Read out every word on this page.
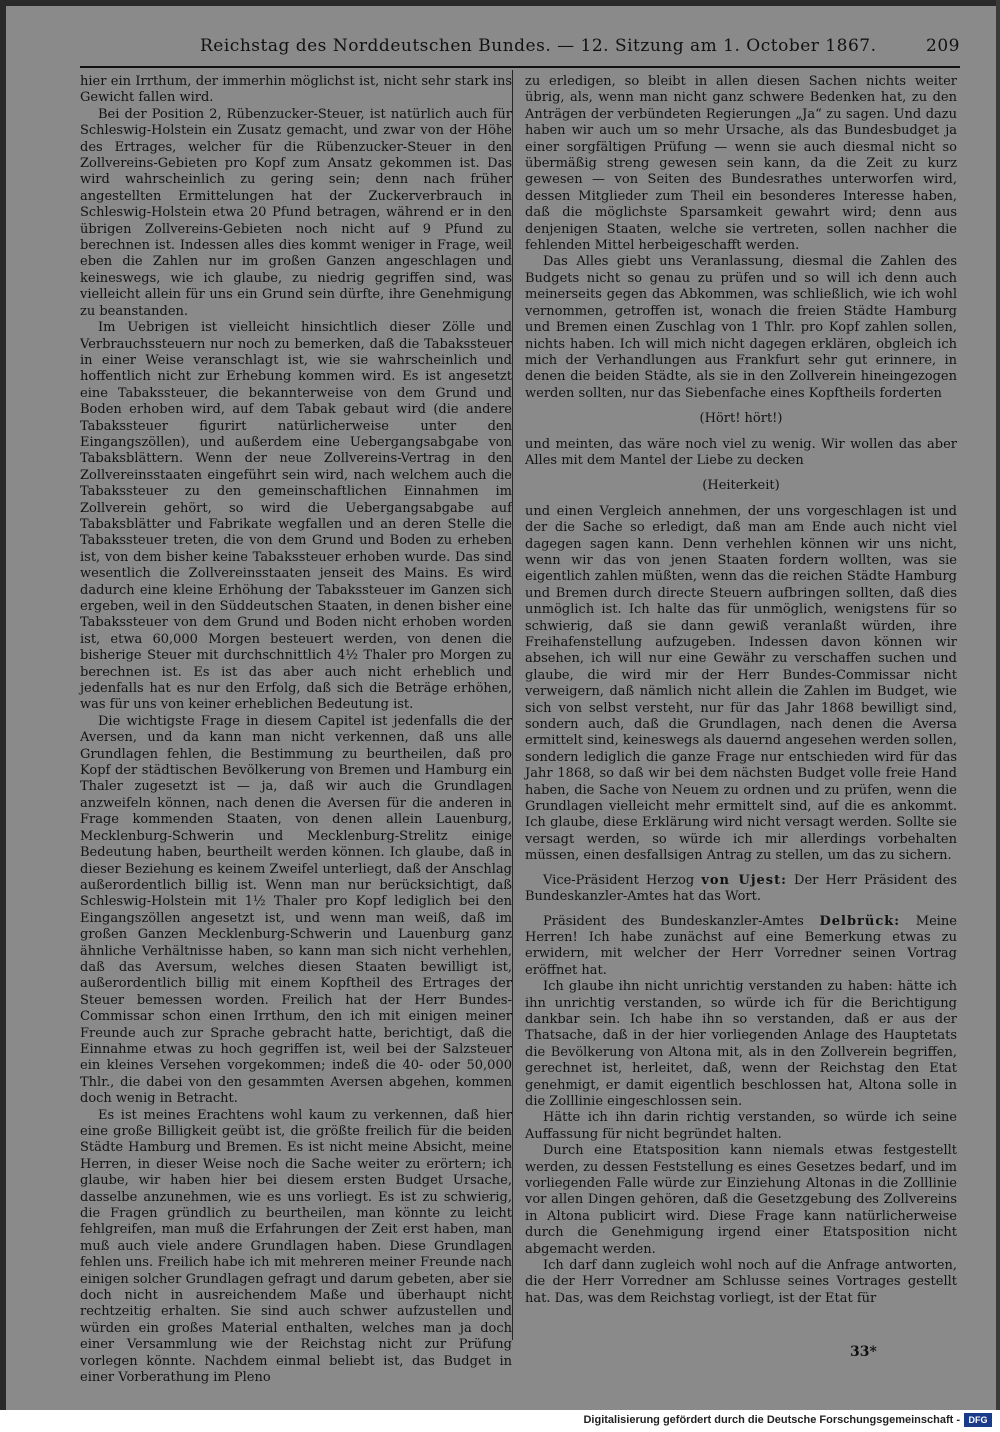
Reichstag des Norddeutschen Bundes. — 12. Sitzung am 1. October 1867.	209

hier ein Irrthum, der immerhin möglichst ist, nicht sehr stark ins Gewicht fallen wird.

Bei der Position 2, Rübenzucker-Steuer, ist natürlich auch für Schleswig-Holstein ein Zusatz gemacht, und zwar von der Höhe des Ertrages, welcher für die Rübenzucker-Steuer in den Zollvereins-Gebieten pro Kopf zum Ansatz gekommen ist. Das wird wahrscheinlich zu gering sein; denn nach früher angestellten Ermittelungen hat der Zuckerverbrauch in Schleswig-Holstein etwa 20 Pfund betragen, während er in den übrigen Zollvereins-Gebieten noch nicht auf 9 Pfund zu berechnen ist. Indessen alles dies kommt weniger in Frage, weil eben die Zahlen nur im großen Ganzen angeschlagen und keineswegs, wie ich glaube, zu niedrig gegriffen sind, was vielleicht allein für uns ein Grund sein dürfte, ihre Genehmigung zu beanstanden.

Im Uebrigen ist vielleicht hinsichtlich dieser Zölle und Verbrauchssteuern nur noch zu bemerken, daß die Tabakssteuer in einer Weise veranschlagt ist, wie sie wahrscheinlich und hoffentlich nicht zur Erhebung kommen wird. Es ist angesetzt eine Tabakssteuer, die bekannterweise von dem Grund und Boden erhoben wird, auf dem Tabak gebaut wird (die andere Tabakssteuer figurirt natürlicherweise unter den Eingangszöllen), und außerdem eine Uebergangsabgabe von Tabaksblättern. Wenn der neue Zollvereins-Vertrag in den Zollvereinsstaaten eingeführt sein wird, nach welchem auch die Tabakssteuer zu den gemeinschaftlichen Einnahmen im Zollverein gehört, so wird die Uebergangsabgabe auf Tabaksblätter und Fabrikate wegfallen und an deren Stelle die Tabakssteuer treten, die von dem Grund und Boden zu erheben ist, von dem bisher keine Tabakssteuer erhoben wurde. Das sind wesentlich die Zollvereinsstaaten jenseit des Mains. Es wird dadurch eine kleine Erhöhung der Tabakssteuer im Ganzen sich ergeben, weil in den Süddeutschen Staaten, in denen bisher eine Tabakssteuer von dem Grund und Boden nicht erhoben worden ist, etwa 60,000 Morgen besteuert werden, von denen die bisherige Steuer mit durchschnittlich 4½ Thaler pro Morgen zu berechnen ist. Es ist das aber auch nicht erheblich und jedenfalls hat es nur den Erfolg, daß sich die Beträge erhöhen, was für uns von keiner erheblichen Bedeutung ist.

Die wichtigste Frage in diesem Capitel ist jedenfalls die der Aversen, und da kann man nicht verkennen, daß uns alle Grundlagen fehlen, die Bestimmung zu beurtheilen, daß pro Kopf der städtischen Bevölkerung von Bremen und Hamburg ein Thaler zugesetzt ist — ja, daß wir auch die Grundlagen anzweifeln können, nach denen die Aversen für die anderen in Frage kommenden Staaten, von denen allein Lauenburg, Mecklenburg-Schwerin und Mecklenburg-Strelitz einige Bedeutung haben, beurtheilt werden können. Ich glaube, daß in dieser Beziehung es keinem Zweifel unterliegt, daß der Anschlag außerordentlich billig ist. Wenn man nur berücksichtigt, daß Schleswig-Holstein mit 1½ Thaler pro Kopf lediglich bei den Eingangszöllen angesetzt ist, und wenn man weiß, daß im großen Ganzen Mecklenburg-Schwerin und Lauenburg ganz ähnliche Verhältnisse haben, so kann man sich nicht verhehlen, daß das Aversum, welches diesen Staaten bewilligt ist, außerordentlich billig mit einem Kopftheil des Ertrages der Steuer bemessen worden. Freilich hat der Herr Bundes-Commissar schon einen Irrthum, den ich mit einigen meiner Freunde auch zur Sprache gebracht hatte, berichtigt, daß die Einnahme etwas zu hoch gegriffen ist, weil bei der Salzsteuer ein kleines Versehen vorgekommen; indeß die 40- oder 50,000 Thlr., die dabei von den gesammten Aversen abgehen, kommen doch wenig in Betracht.

Es ist meines Erachtens wohl kaum zu verkennen, daß hier eine große Billigkeit geübt ist, die größte freilich für die beiden Städte Hamburg und Bremen. Es ist nicht meine Absicht, meine Herren, in dieser Weise noch die Sache weiter zu erörtern; ich glaube, wir haben hier bei diesem ersten Budget Ursache, dasselbe anzunehmen, wie es uns vorliegt. Es ist zu schwierig, die Fragen gründlich zu beurtheilen, man könnte zu leicht fehlgreifen, man muß die Erfahrungen der Zeit erst haben, man muß auch viele andere Grundlagen haben. Diese Grundlagen fehlen uns. Freilich habe ich mit mehreren meiner Freunde nach einigen solcher Grundlagen gefragt und darum gebeten, aber sie doch nicht in ausreichendem Maße und überhaupt nicht rechtzeitig erhalten. Sie sind auch schwer aufzustellen und würden ein großes Material enthalten, welches man ja doch einer Versammlung wie der Reichstag nicht zur Prüfung vorlegen könnte. Nachdem einmal beliebt ist, das Budget in einer Vorberathung im Pleno

zu erledigen, so bleibt in allen diesen Sachen nichts weiter übrig, als, wenn man nicht ganz schwere Bedenken hat, zu den Anträgen der verbündeten Regierungen „Ja“ zu sagen. Und dazu haben wir auch um so mehr Ursache, als das Bundesbudget ja einer sorgfältigen Prüfung — wenn sie auch diesmal nicht so übermäßig streng gewesen sein kann, da die Zeit zu kurz gewesen — von Seiten des Bundesrathes unterworfen wird, dessen Mitglieder zum Theil ein besonderes Interesse haben, daß die möglichste Sparsamkeit gewahrt wird; denn aus denjenigen Staaten, welche sie vertreten, sollen nachher die fehlenden Mittel herbeigeschafft werden.

Das Alles giebt uns Veranlassung, diesmal die Zahlen des Budgets nicht so genau zu prüfen und so will ich denn auch meinerseits gegen das Abkommen, was schließlich, wie ich wohl vernommen, getroffen ist, wonach die freien Städte Hamburg und Bremen einen Zuschlag von 1 Thlr. pro Kopf zahlen sollen, nichts haben. Ich will mich nicht dagegen erklären, obgleich ich mich der Verhandlungen aus Frankfurt sehr gut erinnere, in denen die beiden Städte, als sie in den Zollverein hineingezogen werden sollten, nur das Siebenfache eines Kopftheils forderten

(Hört! hört!)

und meinten, das wäre noch viel zu wenig. Wir wollen das aber Alles mit dem Mantel der Liebe zu decken

(Heiterkeit)

und einen Vergleich annehmen, der uns vorgeschlagen ist und der die Sache so erledigt, daß man am Ende auch nicht viel dagegen sagen kann. Denn verhehlen können wir uns nicht, wenn wir das von jenen Staaten fordern wollten, was sie eigentlich zahlen müßten, wenn das die reichen Städte Hamburg und Bremen durch directe Steuern aufbringen sollten, daß dies unmöglich ist. Ich halte das für unmöglich, wenigstens für so schwierig, daß sie dann gewiß veranlaßt würden, ihre Freihafenstellung aufzugeben. Indessen davon können wir absehen, ich will nur eine Gewähr zu verschaffen suchen und glaube, die wird mir der Herr Bundes-Commissar nicht verweigern, daß nämlich nicht allein die Zahlen im Budget, wie sich von selbst versteht, nur für das Jahr 1868 bewilligt sind, sondern auch, daß die Grundlagen, nach denen die Aversa ermittelt sind, keineswegs als dauernd angesehen werden sollen, sondern lediglich die ganze Frage nur entschieden wird für das Jahr 1868, so daß wir bei dem nächsten Budget volle freie Hand haben, die Sache von Neuem zu ordnen und zu prüfen, wenn die Grundlagen vielleicht mehr ermittelt sind, auf die es ankommt. Ich glaube, diese Erklärung wird nicht versagt werden. Sollte sie versagt werden, so würde ich mir allerdings vorbehalten müssen, einen desfallsigen Antrag zu stellen, um das zu sichern.

Vice-Präsident Herzog von Ujest: Der Herr Präsident des Bundeskanzler-Amtes hat das Wort.

Präsident des Bundeskanzler-Amtes Delbrück: Meine Herren! Ich habe zunächst auf eine Bemerkung etwas zu erwidern, mit welcher der Herr Vorredner seinen Vortrag eröffnet hat.

Ich glaube ihn nicht unrichtig verstanden zu haben: hätte ich ihn unrichtig verstanden, so würde ich für die Berichtigung dankbar sein. Ich habe ihn so verstanden, daß er aus der Thatsache, daß in der hier vorliegenden Anlage des Hauptetats die Bevölkerung von Altona mit, als in den Zollverein begriffen, gerechnet ist, herleitet, daß, wenn der Reichstag den Etat genehmigt, er damit eigentlich beschlossen hat, Altona solle in die Zolllinie eingeschlossen sein.

Hätte ich ihn darin richtig verstanden, so würde ich seine Auffassung für nicht begründet halten.

Durch eine Etatsposition kann niemals etwas festgestellt werden, zu dessen Feststellung es eines Gesetzes bedarf, und im vorliegenden Falle würde zur Einziehung Altonas in die Zolllinie vor allen Dingen gehören, daß die Gesetzgebung des Zollvereins in Altona publicirt wird. Diese Frage kann natürlicherweise durch die Genehmigung irgend einer Etatsposition nicht abgemacht werden.

Ich darf dann zugleich wohl noch auf die Anfrage antworten, die der Herr Vorredner am Schlusse seines Vortrages gestellt hat. Das, was dem Reichstag vorliegt, ist der Etat für

33*
Digitalisierung gefördert durch die Deutsche Forschungsgemeinschaft - DFG
